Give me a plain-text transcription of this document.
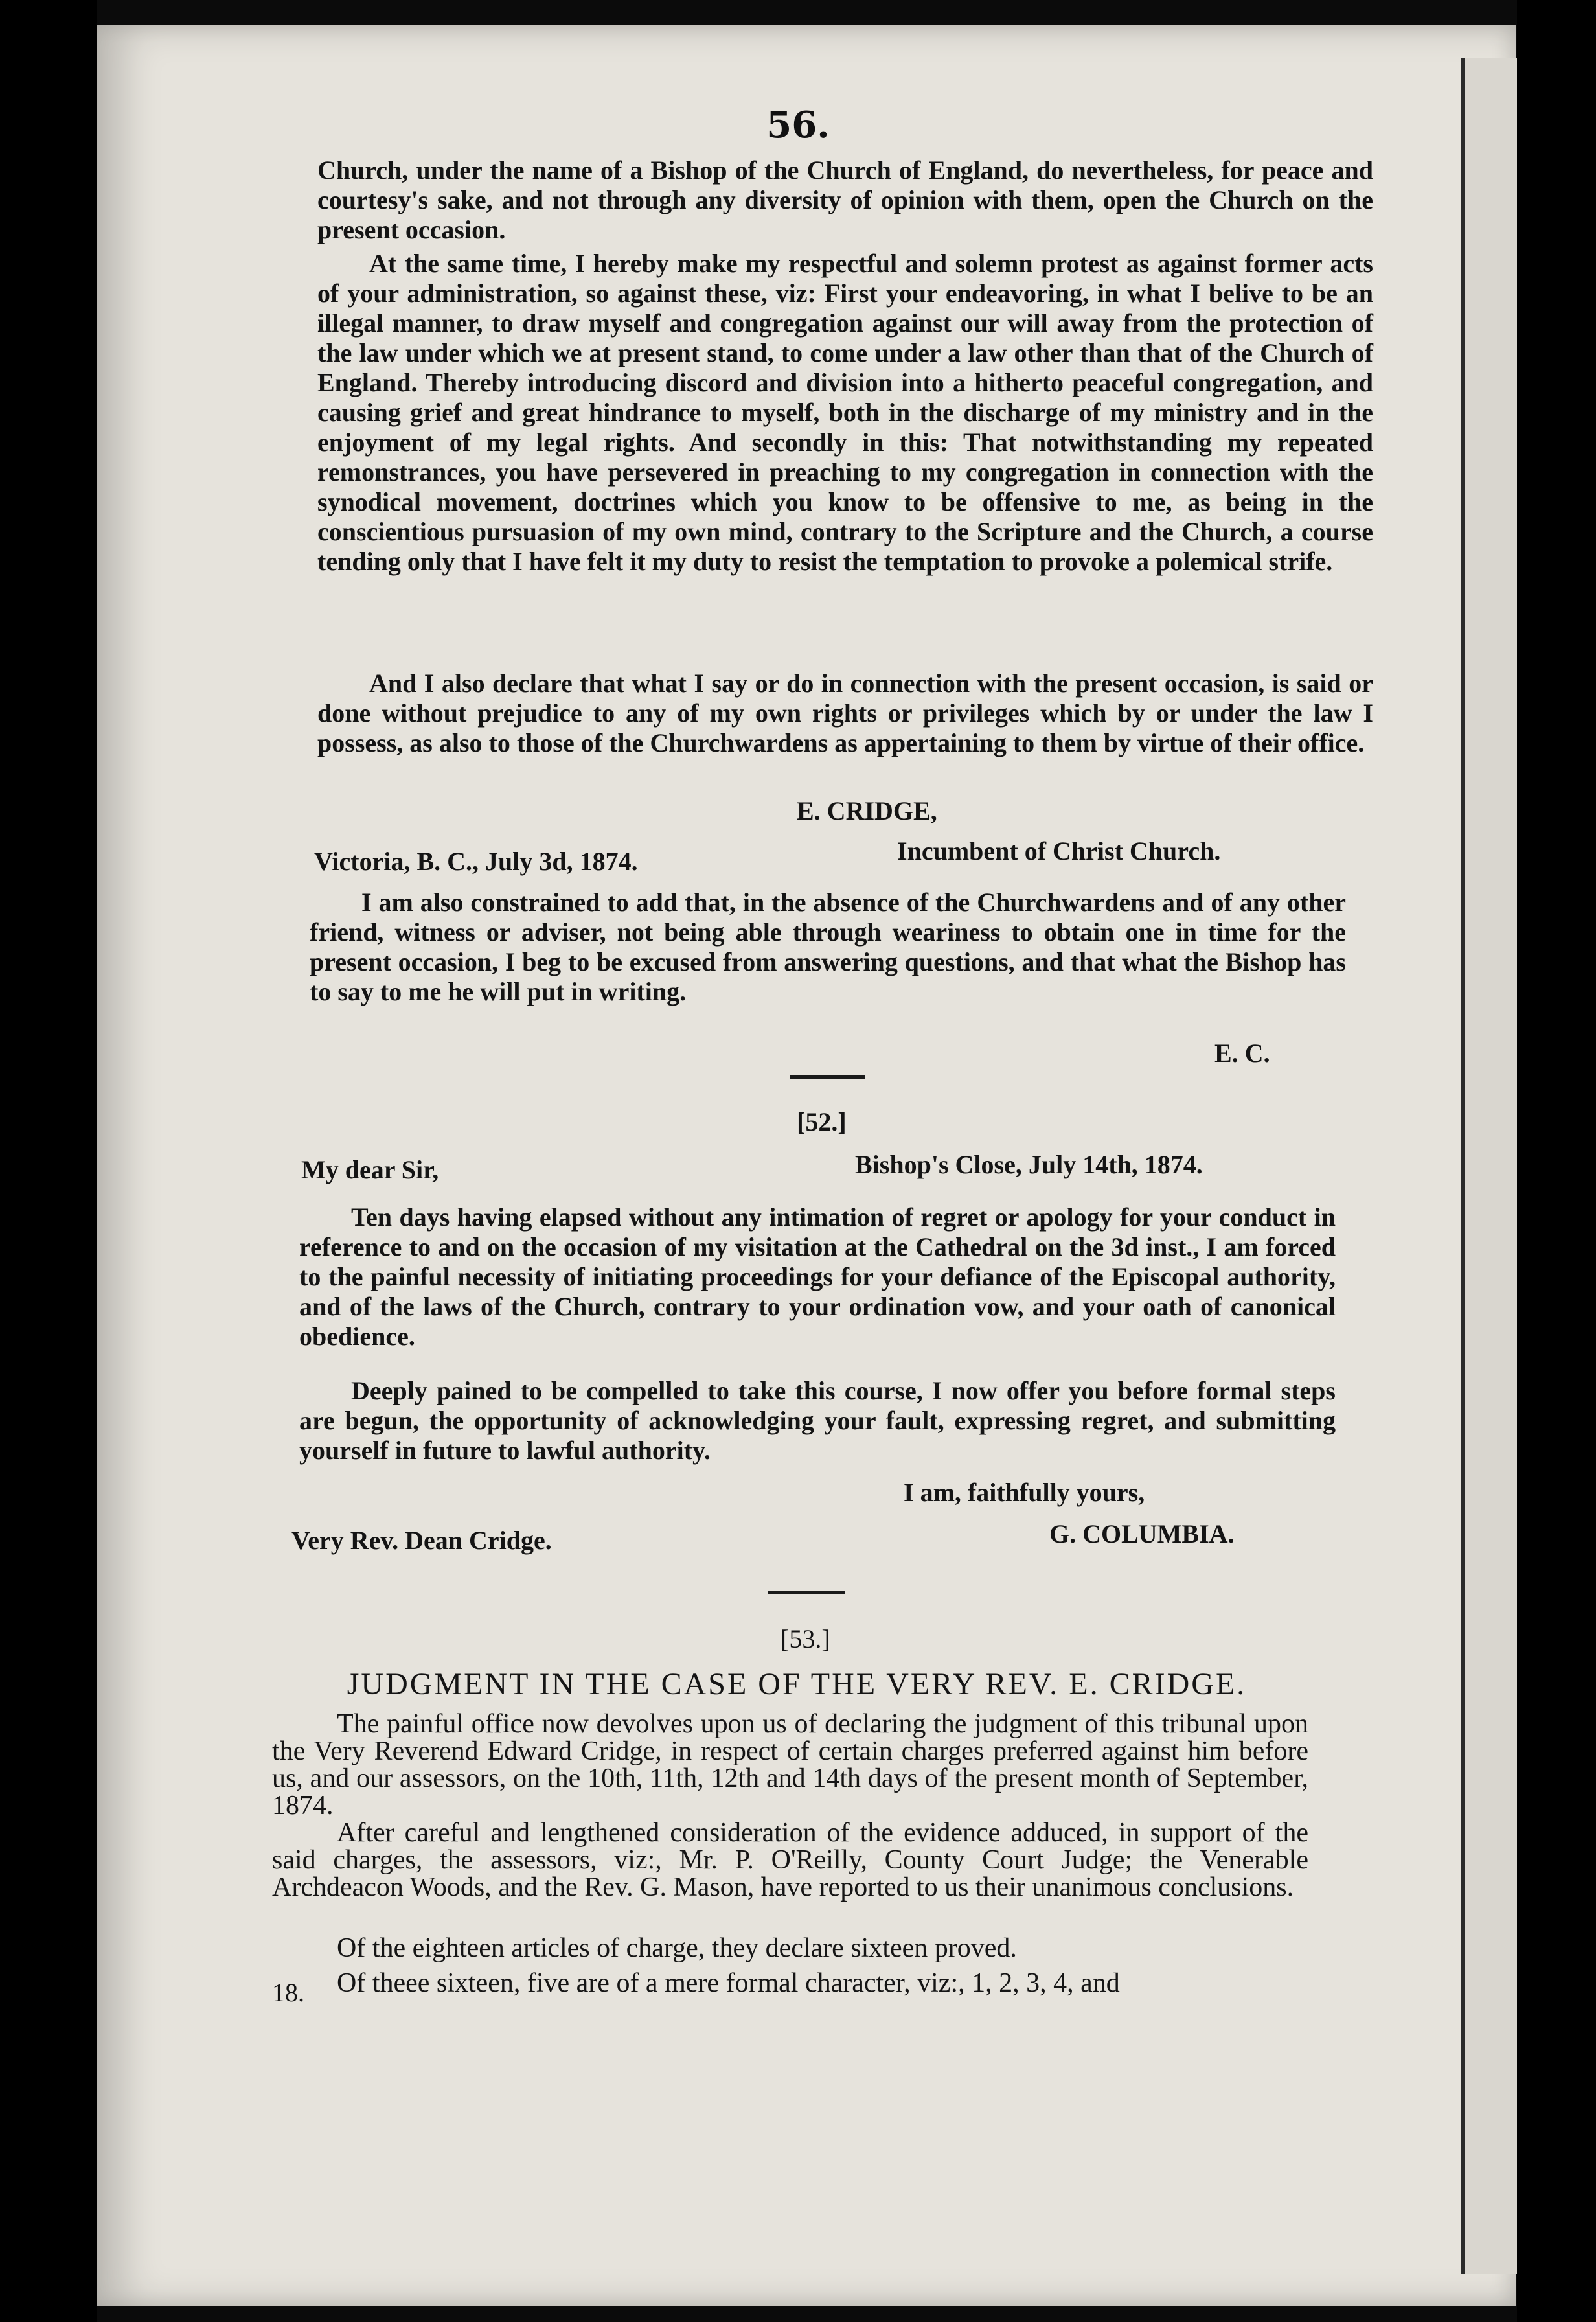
56.
Church, under the name of a Bishop of the Church of England, do nevertheless, for peace and courtesy's sake, and not through any diversity of opinion with them, open the Church on the present occasion.
At the same time, I hereby make my respectful and solemn protest as against former acts of your administration, so against these, viz: First your endeavoring, in what I belive to be an illegal manner, to draw myself and congregation against our will away from the protection of the law under which we at present stand, to come under a law other than that of the Church of England. Thereby introducing discord and division into a hitherto peaceful congregation, and causing grief and great hindrance to myself, both in the discharge of my ministry and in the enjoyment of my legal rights. And secondly in this: That notwithstanding my repeated remonstrances, you have persevered in preaching to my congregation in connection with the synodical movement, doctrines which you know to be offensive to me, as being in the conscientious pursuasion of my own mind, contrary to the Scripture and the Church, a course tending only that I have felt it my duty to resist the temptation to provoke a polemical strife.
And I also declare that what I say or do in connection with the present occasion, is said or done without prejudice to any of my own rights or privileges which by or under the law I possess, as also to those of the Churchwardens as appertaining to them by virtue of their office.
E. CRIDGE,
Incumbent of Christ Church.
Victoria, B. C., July 3d, 1874.
I am also constrained to add that, in the absence of the Churchwardens and of any other friend, witness or adviser, not being able through weariness to obtain one in time for the present occasion, I beg to be excused from answering questions, and that what the Bishop has to say to me he will put in writing.
E. C.
[52.]
Bishop's Close, July 14th, 1874.
My dear Sir,
Ten days having elapsed without any intimation of regret or apology for your conduct in reference to and on the occasion of my visitation at the Cathedral on the 3d inst., I am forced to the painful necessity of initiating proceedings for your defiance of the Episcopal authority, and of the laws of the Church, contrary to your ordination vow, and your oath of canonical obedience.
Deeply pained to be compelled to take this course, I now offer you before formal steps are begun, the opportunity of acknowledging your fault, expressing regret, and submitting yourself in future to lawful authority.
I am, faithfully yours,
G. COLUMBIA.
Very Rev. Dean Cridge.
[53.]
JUDGMENT IN THE CASE OF THE VERY REV. E. CRIDGE.
The painful office now devolves upon us of declaring the judgment of this tribunal upon the Very Reverend Edward Cridge, in respect of certain charges preferred against him before us, and our assessors, on the 10th, 11th, 12th and 14th days of the present month of September, 1874.
After careful and lengthened consideration of the evidence adduced, in support of the said charges, the assessors, viz:, Mr. P. O'Reilly, County Court Judge; the Venerable Archdeacon Woods, and the Rev. G. Mason, have reported to us their unanimous conclusions.
Of the eighteen articles of charge, they declare sixteen proved.
Of theee sixteen, five are of a mere formal character, viz:, 1, 2, 3, 4, and
18.
